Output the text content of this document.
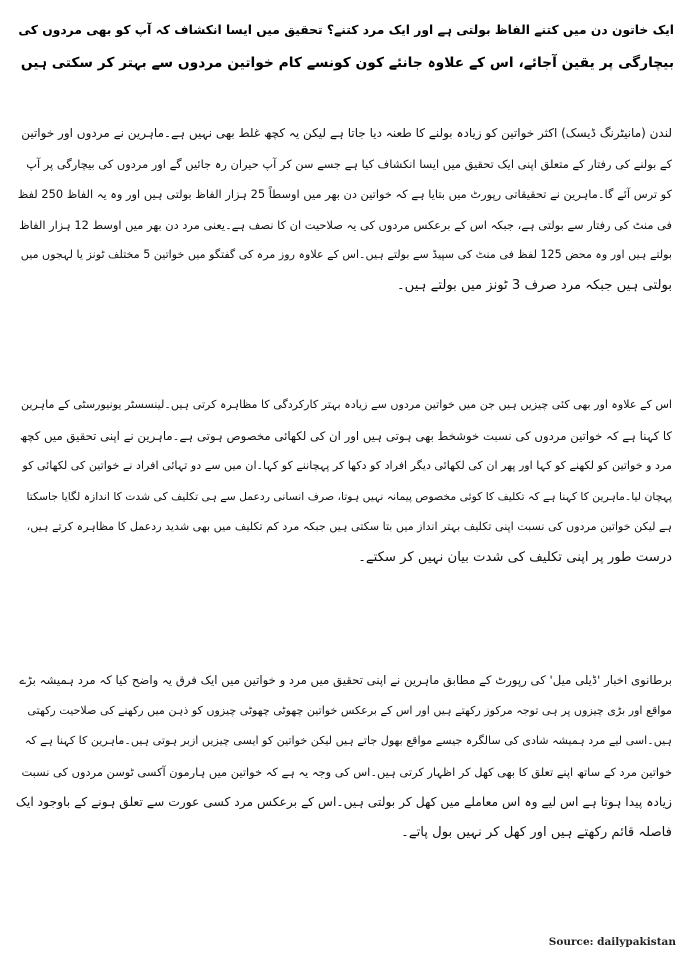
ایک خاتون دن میں کتنے الفاظ بولتی ہے اور ایک مرد کتنے؟ تحقیق میں ایسا انکشاف کہ آپ کو بھی مردوں کی
بیچارگی پر یقین آجائے، اس کے علاوہ جانئے کون کونسے کام خواتین مردوں سے بہتر کر سکتی ہیں
لندن (مانیٹرنگ ڈیسک) اکثر خواتین کو زیادہ بولنے کا طعنہ دیا جاتا ہے لیکن یہ کچھ غلط بھی نہیں ہے۔ماہرین نے مردوں اور خواتین
کے بولنے کی رفتار کے متعلق اپنی ایک تحقیق میں ایسا انکشاف کیا ہے جسے سن کر آپ حیران رہ جائیں گے اور مردوں کی بیچارگی پر آپ
کو ترس آئے گا۔ماہرین نے تحقیقاتی رپورٹ میں بتایا ہے کہ خواتین دن بھر میں اوسطاً 25 ہزار الفاظ بولتی ہیں اور وہ یہ الفاظ 250 لفظ
فی منٹ کی رفتار سے بولتی ہے، جبکہ اس کے برعکس مردوں کی یہ صلاحیت ان کا نصف ہے۔یعنی مرد دن بھر میں اوسط 12 ہزار الفاظ
بولتے ہیں اور وہ محض 125 لفظ فی منٹ کی سپیڈ سے بولتے ہیں۔اس کے علاوہ روز مرہ کی گفتگو میں خواتین 5 مختلف ٹونز یا لہجوں میں
بولتی ہیں جبکہ مرد صرف 3 ٹونز میں بولتے ہیں۔
اس کے علاوہ اور بھی کئی چیزیں ہیں جن میں خواتین مردوں سے زیادہ بہتر کارکردگی کا مظاہرہ کرتی ہیں۔لینسسٹر یونیورسٹی کے ماہرین
کا کہنا ہے کہ خواتین مردوں کی نسبت خوشخط بھی ہوتی ہیں اور ان کی لکھائی مخصوص ہوتی ہے۔ماہرین نے اپنی تحقیق میں کچھ
مرد و خواتین کو لکھنے کو کہا اور پھر ان کی لکھائی دیگر افراد کو دکھا کر پہچاننے کو کہا۔ان میں سے دو تہائی افراد نے خواتین کی لکھائی کو
پہچان لیا۔ماہرین کا کہنا ہے کہ تکلیف کا کوئی مخصوص پیمانہ نہیں ہوتا، صرف انسانی ردعمل سے ہی تکلیف کی شدت کا اندازہ لگایا جاسکتا
ہے لیکن خواتین مردوں کی نسبت اپنی تکلیف بہتر انداز میں بتا سکتی ہیں جبکہ مرد کم تکلیف میں بھی شدید ردعمل کا مظاہرہ کرتے ہیں،
درست طور پر اپنی تکلیف کی شدت بیان نہیں کر سکتے۔
برطانوی اخبار 'ڈیلی میل' کی رپورٹ کے مطابق ماہرین نے اپنی تحقیق میں مرد و خواتین میں ایک فرق یہ واضح کیا کہ مرد ہمیشہ بڑے
مواقع اور بڑی چیزوں پر ہی توجہ مرکوز رکھتے ہیں اور اس کے برعکس خواتین چھوٹی چھوٹی چیزوں کو ذہن میں رکھنے کی صلاحیت رکھتی
ہیں۔اسی لیے مرد ہمیشہ شادی کی سالگرہ جیسے مواقع بھول جاتے ہیں لیکن خواتین کو ایسی چیزیں ازبر ہوتی ہیں۔ماہرین کا کہنا ہے کہ
خواتین مرد کے ساتھ اپنے تعلق کا بھی کھل کر اظہار کرتی ہیں۔اس کی وجہ یہ ہے کہ خواتین میں ہارمون آکسی ٹوسن مردوں کی نسبت
زیادہ پیدا ہوتا ہے اس لیے وہ اس معاملے میں کھل کر بولتی ہیں۔اس کے برعکس مرد کسی عورت سے تعلق ہونے کے باوجود ایک
فاصلہ قائم رکھتے ہیں اور کھل کر نہیں بول پاتے۔
Source: dailypakistan
